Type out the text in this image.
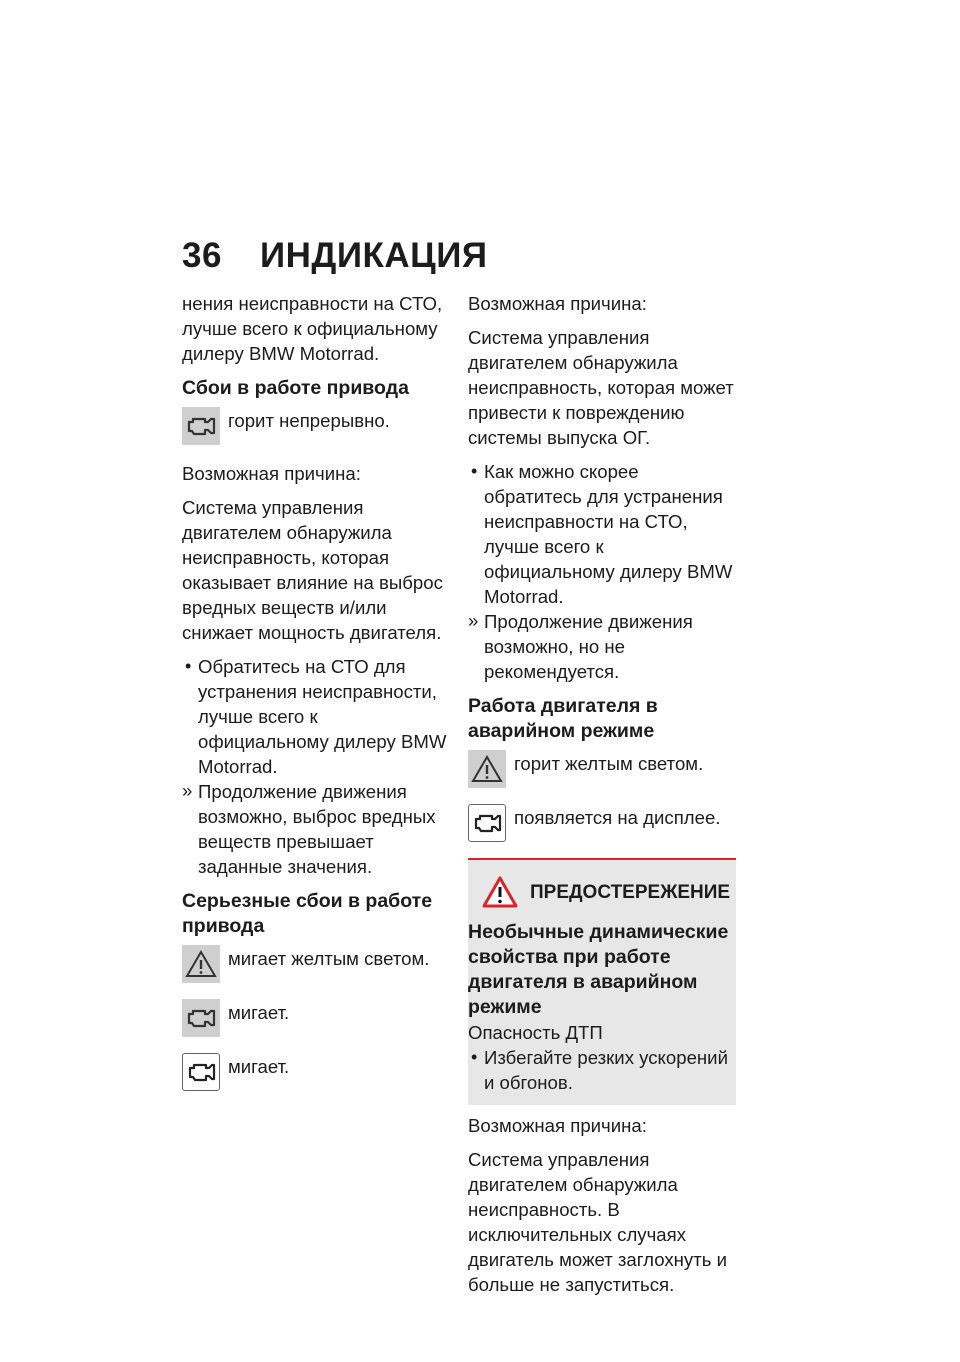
36 ИНДИКАЦИЯ

нения неисправности на СТО, лучше всего к официальному дилеру BMW Motorrad.

Сбои в работе привода
горит непрерывно.

Возможная причина:

Система управления двигателем обнаружила неисправность, которая оказывает влияние на выброс вредных веществ и/или снижает мощность двигателя.

• Обратитесь на СТО для устранения неисправности, лучше всего к официальному дилеру BMW Motorrad.

» Продолжение движения возможно, выброс вредных веществ превышает заданные значения.

Серьезные сбои в работе привода
мигает желтым светом.
мигает.
мигает.

Возможная причина:

Система управления двигателем обнаружила неисправность, которая может привести к повреждению системы выпуска ОГ.

• Как можно скорее обратитесь для устранения неисправности на СТО, лучше всего к официальному дилеру BMW Motorrad.

» Продолжение движения возможно, но не рекомендуется.

Работа двигателя в аварийном режиме
горит желтым светом.
появляется на дисплее.
ПРЕДОСТЕРЕЖЕНИЕ
Необычные динамические свойства при работе двигателя в аварийном режиме

Опасность ДТП

• Избегайте резких ускорений и обгонов.

Возможная причина:

Система управления двигателем обнаружила неисправность. В исключительных случаях двигатель может заглохнуть и больше не запуститься.
